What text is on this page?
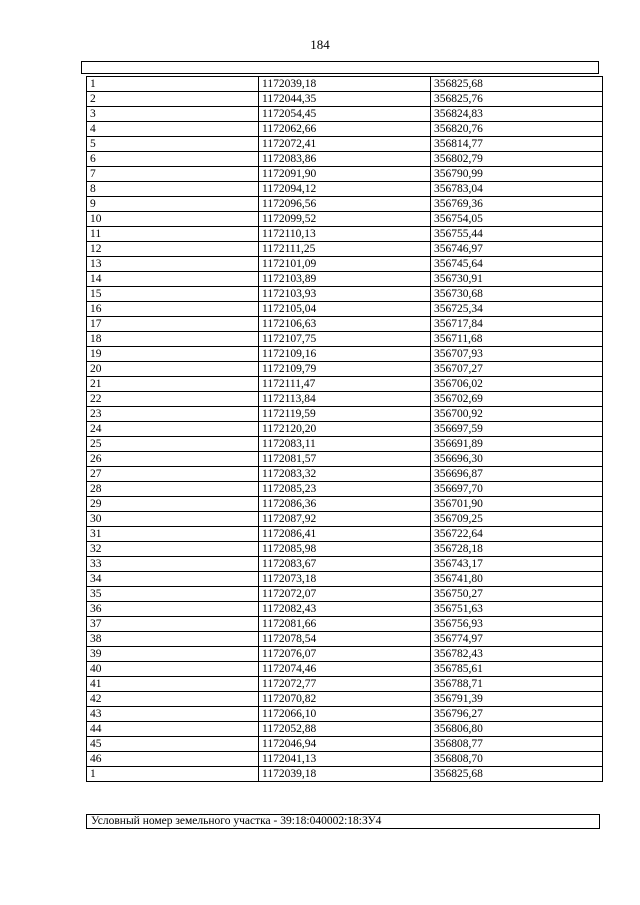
184
1	1172039,18	356825,68
2	1172044,35	356825,76
3	1172054,45	356824,83
4	1172062,66	356820,76
5	1172072,41	356814,77
6	1172083,86	356802,79
7	1172091,90	356790,99
8	1172094,12	356783,04
9	1172096,56	356769,36
10	1172099,52	356754,05
11	1172110,13	356755,44
12	1172111,25	356746,97
13	1172101,09	356745,64
14	1172103,89	356730,91
15	1172103,93	356730,68
16	1172105,04	356725,34
17	1172106,63	356717,84
18	1172107,75	356711,68
19	1172109,16	356707,93
20	1172109,79	356707,27
21	1172111,47	356706,02
22	1172113,84	356702,69
23	1172119,59	356700,92
24	1172120,20	356697,59
25	1172083,11	356691,89
26	1172081,57	356696,30
27	1172083,32	356696,87
28	1172085,23	356697,70
29	1172086,36	356701,90
30	1172087,92	356709,25
31	1172086,41	356722,64
32	1172085,98	356728,18
33	1172083,67	356743,17
34	1172073,18	356741,80
35	1172072,07	356750,27
36	1172082,43	356751,63
37	1172081,66	356756,93
38	1172078,54	356774,97
39	1172076,07	356782,43
40	1172074,46	356785,61
41	1172072,77	356788,71
42	1172070,82	356791,39
43	1172066,10	356796,27
44	1172052,88	356806,80
45	1172046,94	356808,77
46	1172041,13	356808,70
1	1172039,18	356825,68
Условный номер земельного участка - 39:18:040002:18:ЗУ4
